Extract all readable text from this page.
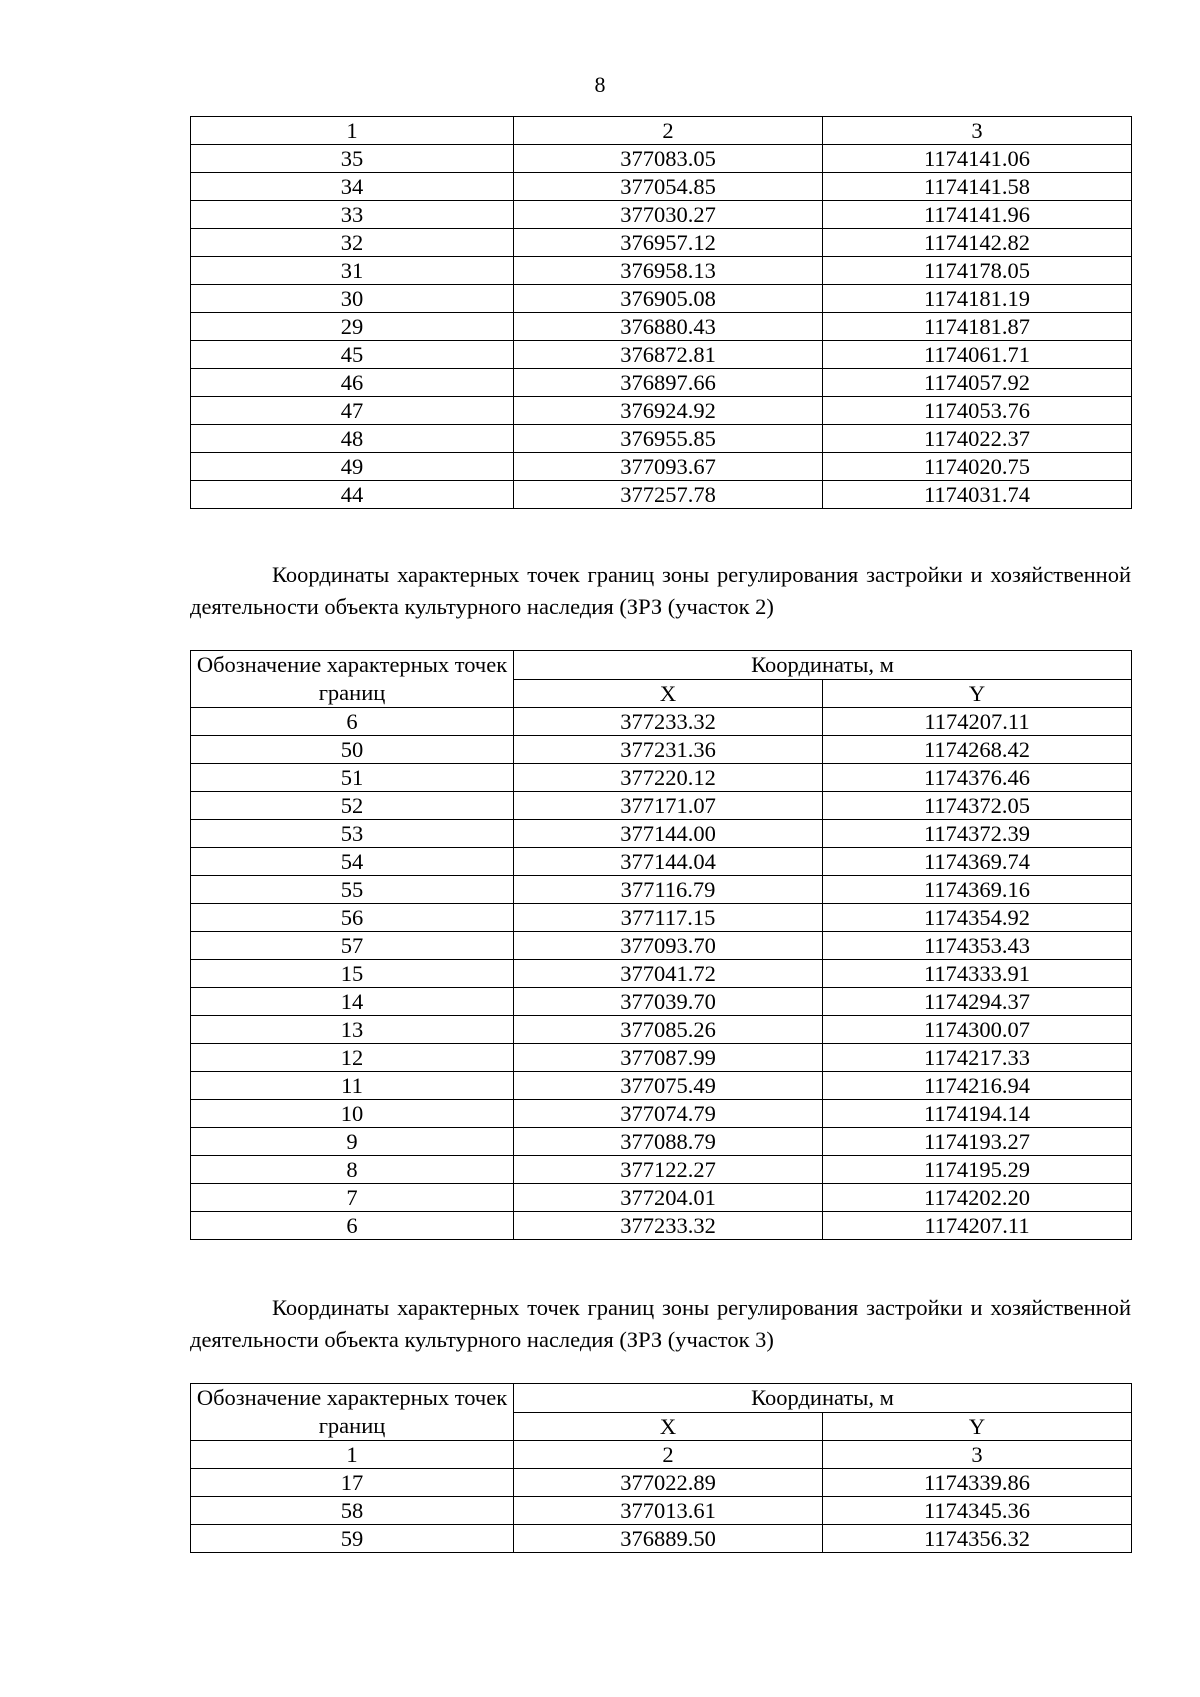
8
1	2	3
35	377083.05	1174141.06
34	377054.85	1174141.58
33	377030.27	1174141.96
32	376957.12	1174142.82
31	376958.13	1174178.05
30	376905.08	1174181.19
29	376880.43	1174181.87
45	376872.81	1174061.71
46	376897.66	1174057.92
47	376924.92	1174053.76
48	376955.85	1174022.37
49	377093.67	1174020.75
44	377257.78	1174031.74
Координаты характерных точек границ зоны регулирования застройки и хозяйственной деятельности объекта культурного наследия (ЗРЗ (участок 2)
Обозначение характерных точек границ	Координаты, м	
	X	Y
6	377233.32	1174207.11
50	377231.36	1174268.42
51	377220.12	1174376.46
52	377171.07	1174372.05
53	377144.00	1174372.39
54	377144.04	1174369.74
55	377116.79	1174369.16
56	377117.15	1174354.92
57	377093.70	1174353.43
15	377041.72	1174333.91
14	377039.70	1174294.37
13	377085.26	1174300.07
12	377087.99	1174217.33
11	377075.49	1174216.94
10	377074.79	1174194.14
9	377088.79	1174193.27
8	377122.27	1174195.29
7	377204.01	1174202.20
6	377233.32	1174207.11
Координаты характерных точек границ зоны регулирования застройки и хозяйственной деятельности объекта культурного наследия (ЗРЗ (участок 3)
Обозначение характерных точек границ	Координаты, м	
	X	Y
1	2	3
17	377022.89	1174339.86
58	377013.61	1174345.36
59	376889.50	1174356.32
